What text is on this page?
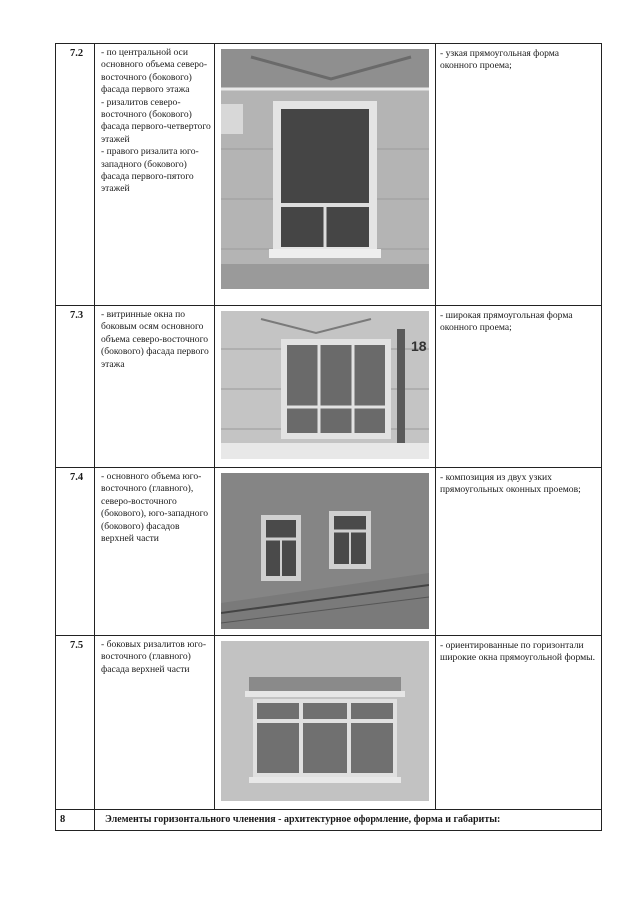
7.2	- по центральной оси основного объема северо-восточного (бокового) фасада первого этажа
- ризалитов северо-восточного (бокового) фасада первого-четвертого этажей
- правого ризалита юго-западного (бокового) фасада первого-пятого этажей		- узкая прямоугольная форма оконного проема;
7.3	- витринные окна по боковым осям основного объема северо-восточного (бокового) фасада первого этажа	18	- широкая прямоугольная форма оконного проема;
7.4	- основного объема юго-восточного (главного), северо-восточного (бокового), юго-западного (бокового) фасадов верхней части		- композиция из двух узких прямоугольных оконных проемов;
7.5	- боковых ризалитов юго-восточного (главного) фасада верхней части		- ориентированные по горизонтали широкие окна прямоугольной формы.
8	Элементы горизонтального членения - архитектурное оформление, форма и габариты:		
